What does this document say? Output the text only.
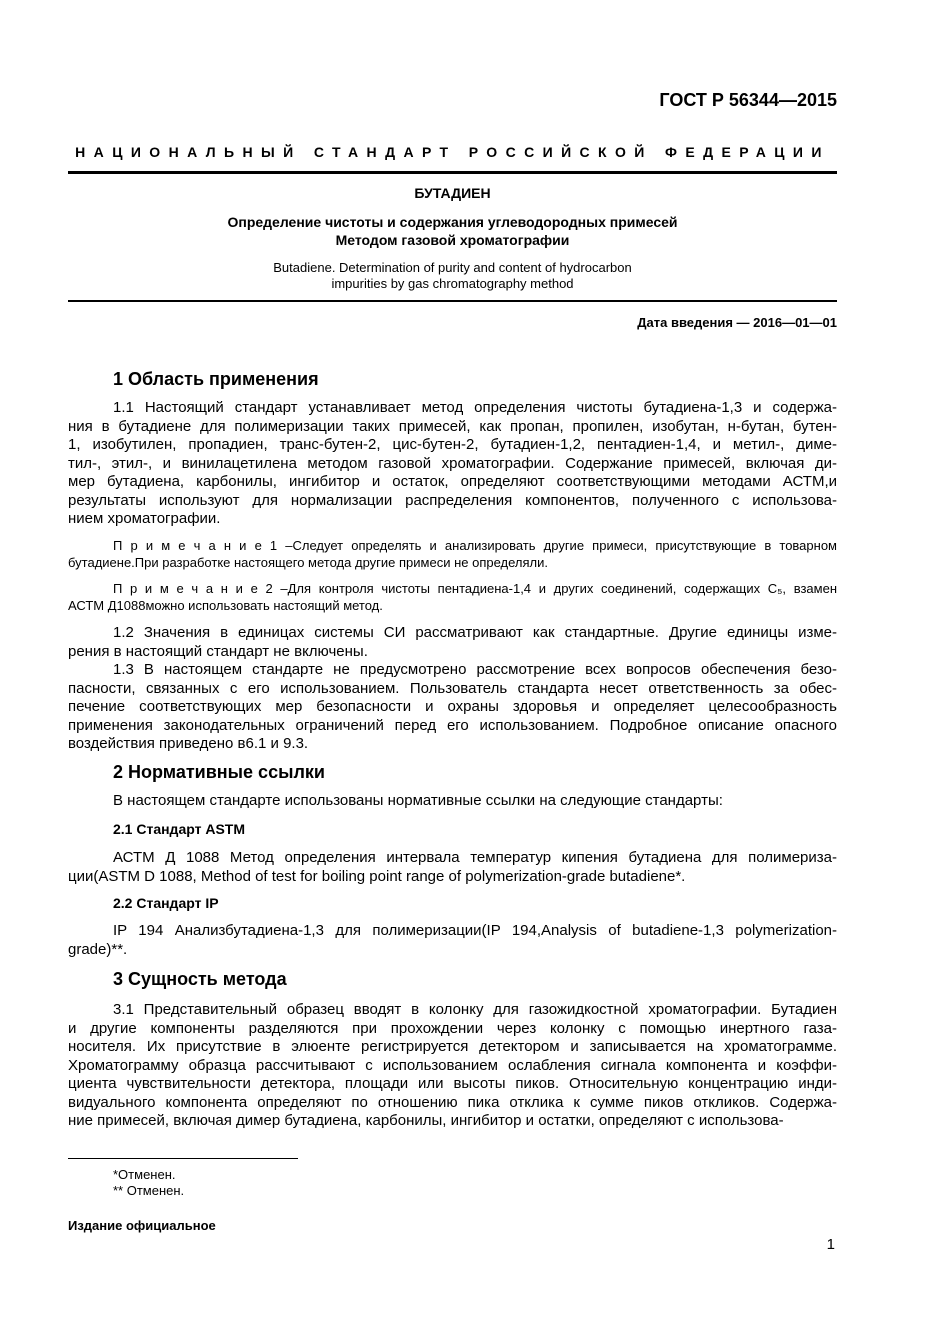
ГОСТ Р 56344—2015
НАЦИОНАЛЬНЫЙ СТАНДАРТ РОССИЙСКОЙ ФЕДЕРАЦИИ
БУТАДИЕН
Определение чистоты и содержания углеводородных примесей
Методом газовой хроматографии
Butadiene. Determination of purity and content of hydrocarbon
impurities by gas chromatography method
Дата введения — 2016—01—01
1 Область применения
1.1 Настоящий стандарт устанавливает метод определения чистоты бутадиена-1,3 и содержа-
ния в бутадиене для полимеризации таких примесей, как пропан, пропилен, изобутан, н-бутан, бутен-
1, изобутилен, пропадиен, транс-бутен-2, цис-бутен-2, бутадиен-1,2, пентадиен-1,4, и метил-, диме-
тил-, этил-, и винилацетилена методом газовой хроматографии. Содержание примесей, включая ди-
мер бутадиена, карбонилы, ингибитор и остаток, определяют соответствующими методами АСТМ,и
результаты используют для нормализации распределения компонентов, полученного с использова-
нием хроматографии.
П р и м е ч а н и е 1 –Следует определять и анализировать другие примеси, присутствующие в товарном
бутадиене.При разработке настоящего метода другие примеси не определяли.
П р и м е ч а н и е 2 –Для контроля чистоты пентадиена-1,4 и других соединений, содержащих C₅, взамен
АСТМ Д1088можно использовать настоящий метод.
1.2 Значения в единицах системы СИ рассматривают как стандартные. Другие единицы изме-
рения в настоящий стандарт не включены.
1.3 В настоящем стандарте не предусмотрено рассмотрение всех вопросов обеспечения безо-
пасности, связанных с его использованием. Пользователь стандарта несет ответственность за обес-
печение соответствующих мер безопасности и охраны здоровья и определяет целесообразность
применения законодательных ограничений перед его использованием. Подробное описание опасного
воздействия приведено в6.1 и 9.3.
2 Нормативные ссылки
В настоящем стандарте использованы нормативные ссылки на следующие стандарты:
2.1 Стандарт ASTM
АСТМ Д 1088 Метод определения интервала температур кипения бутадиена для полимериза-
ции(ASTM D 1088, Method of test for boiling point range of polymerization-grade butadiene*.
2.2 Стандарт IP
IP 194 Анализбутадиена-1,3 для полимеризации(IP 194,Analysis of butadiene-1,3 polymerization-
grade)**.
3 Сущность метода
3.1 Представительный образец вводят в колонку для газожидкостной хроматографии. Бутадиен
и другие компоненты разделяются при прохождении через колонку с помощью инертного газа-
носителя. Их присутствие в элюенте регистрируется детектором и записывается на хроматограмме.
Хроматограмму образца рассчитывают с использованием ослабления сигнала компонента и коэффи-
циента чувствительности детектора, площади или высоты пиков. Относительную концентрацию инди-
видуального компонента определяют по отношению пика отклика к сумме пиков откликов. Содержа-
ние примесей, включая димер бутадиена, карбонилы, ингибитор и остатки, определяют с использова-
*Отменен.
** Отменен.
Издание официальное
1
